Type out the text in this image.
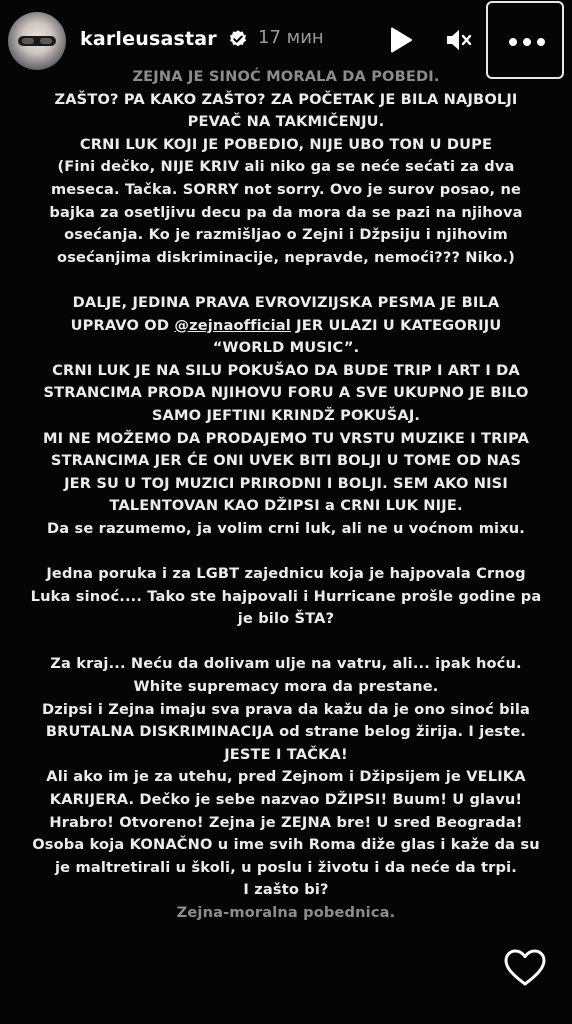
karleusastar 17 мин
ZEJNA JE SINOĆ MORALA DA POBEDI.
ZAŠTO? PA KAKO ZAŠTO? ZA POČETAK JE BILA NAJBOLJI
PEVAČ NA TAKMIČENJU.
CRNI LUK KOJI JE POBEDIO, NIJE UBO TON U DUPE
(Fini dečko, NIJE KRIV ali niko ga se neće sećati za dva
meseca. Tačka. SORRY not sorry. Ovo je surov posao, ne
bajka za osetljivu decu pa da mora da se pazi na njihova
osećanja. Ko je razmišljao o Zejni i Džpsiju i njihovim
osećanjima diskriminacije, nepravde, nemoći??? Niko.)
DALJE, JEDINA PRAVA EVROVIZIJSKA PESMA JE BILA
UPRAVO OD @zejnaofficial JER ULAZI U KATEGORIJU
“WORLD MUSIC”.
CRNI LUK JE NA SILU POKUŠAO DA BUDE TRIP I ART I DA
STRANCIMA PRODA NJIHOVU FORU A SVE UKUPNO JE BILO
SAMO JEFTINI KRINDŽ POKUŠAJ.
MI NE MOŽEMO DA PRODAJEMO TU VRSTU MUZIKE I TRIPA
STRANCIMA JER ĆE ONI UVEK BITI BOLJI U TOME OD NAS
JER SU U TOJ MUZICI PRIRODNI I BOLJI. SEM AKO NISI
TALENTOVAN KAO DŽIPSI a CRNI LUK NIJE.
Da se razumemo, ja volim crni luk, ali ne u voćnom mixu.
Jedna poruka i za LGBT zajednicu koja je hajpovala Crnog
Luka sinoć.... Tako ste hajpovali i Hurricane prošle godine pa
je bilo ŠTA?
Za kraj... Neću da dolivam ulje na vatru, ali... ipak hoću.
White supremacy mora da prestane.
Dzipsi i Zejna imaju sva prava da kažu da je ono sinoć bila
BRUTALNA DISKRIMINACIJA od strane belog žirija. I jeste.
JESTE I TAČKA!
Ali ako im je za utehu, pred Zejnom i Džipsijem je VELIKA
KARIJERA. Dečko je sebe nazvao DŽIPSI! Buum! U glavu!
Hrabro! Otvoreno! Zejna je ZEJNA bre! U sred Beograda!
Osoba koja KONAČNO u ime svih Roma diže glas i kaže da su
je maltretirali u školi, u poslu i životu i da neće da trpi.
I zašto bi?
Zejna-moralna pobednica.
